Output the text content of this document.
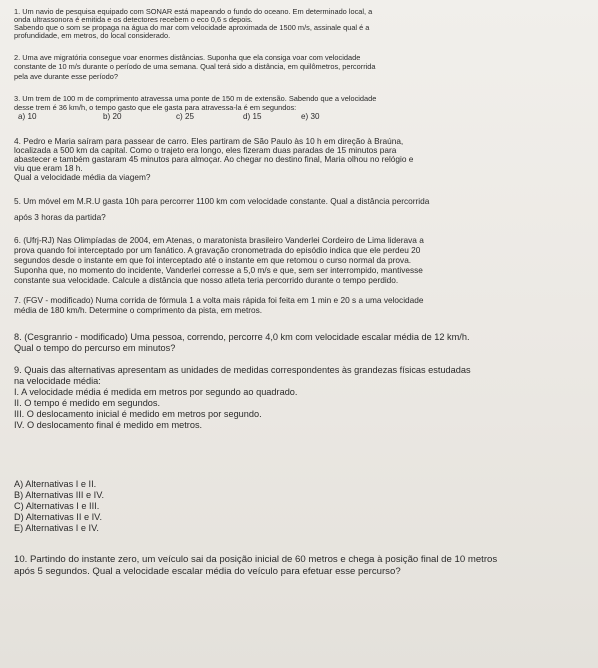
1. Um navio de pesquisa equipado com SONAR está mapeando o fundo do oceano. Em determinado local, a
onda ultrassonora é emitida e os detectores recebem o eco 0,6 s depois.
Sabendo que o som se propaga na água do mar com velocidade aproximada de 1500 m/s, assinale qual é a
profundidade, em metros, do local considerado.
2. Uma ave migratória consegue voar enormes distâncias. Suponha que ela consiga voar com velocidade
constante de 10 m/s durante o período de uma semana. Qual terá sido a distância, em quilômetros, percorrida
pela ave durante esse período?
3. Um trem de 100 m de comprimento atravessa uma ponte de 150 m de extensão. Sabendo que a velocidade
desse trem é 36 km/h, o tempo gasto que ele gasta para atravessa-la é em segundos:
a) 10	b) 20	c) 25	d) 15	e) 30
4. Pedro e Maria saíram para passear de carro. Eles partiram de São Paulo às 10 h em direção à Braúna,
localizada a 500 km da capital. Como o trajeto era longo, eles fizeram duas paradas de 15 minutos para
abastecer e também gastaram 45 minutos para almoçar. Ao chegar no destino final, Maria olhou no relógio e
viu que eram 18 h.
Qual a velocidade média da viagem?
5. Um móvel em M.R.U gasta 10h para percorrer 1100 km com velocidade constante. Qual a distância percorrida
após 3 horas da partida?
6. (Ufrj-RJ) Nas Olimpíadas de 2004, em Atenas, o maratonista brasileiro Vanderlei Cordeiro de Lima liderava a
prova quando foi interceptado por um fanático. A gravação cronometrada do episódio indica que ele perdeu 20
segundos desde o instante em que foi interceptado até o instante em que retomou o curso normal da prova.
Suponha que, no momento do incidente, Vanderlei corresse a 5,0 m/s e que, sem ser interrompido, mantivesse
constante sua velocidade. Calcule a distância que nosso atleta teria percorrido durante o tempo perdido.
7. (FGV - modificado) Numa corrida de fórmula 1 a volta mais rápida foi feita em 1 min e 20 s a uma velocidade
média de 180 km/h. Determine o comprimento da pista, em metros.
8. (Cesgranrio - modificado) Uma pessoa, correndo, percorre 4,0 km com velocidade escalar média de 12 km/h.
Qual o tempo do percurso em minutos?
9. Quais das alternativas apresentam as unidades de medidas correspondentes às grandezas físicas estudadas
na velocidade média:
I. A velocidade média é medida em metros por segundo ao quadrado.
II. O tempo é medido em segundos.
III. O deslocamento inicial é medido em metros por segundo.
IV. O deslocamento final é medido em metros.
A) Alternativas I e II.
B) Alternativas III e IV.
C) Alternativas I e III.
D) Alternativas II e IV.
E) Alternativas I e IV.
10. Partindo do instante zero, um veículo sai da posição inicial de 60 metros e chega à posição final de 10 metros
após 5 segundos. Qual a velocidade escalar média do veículo para efetuar esse percurso?
